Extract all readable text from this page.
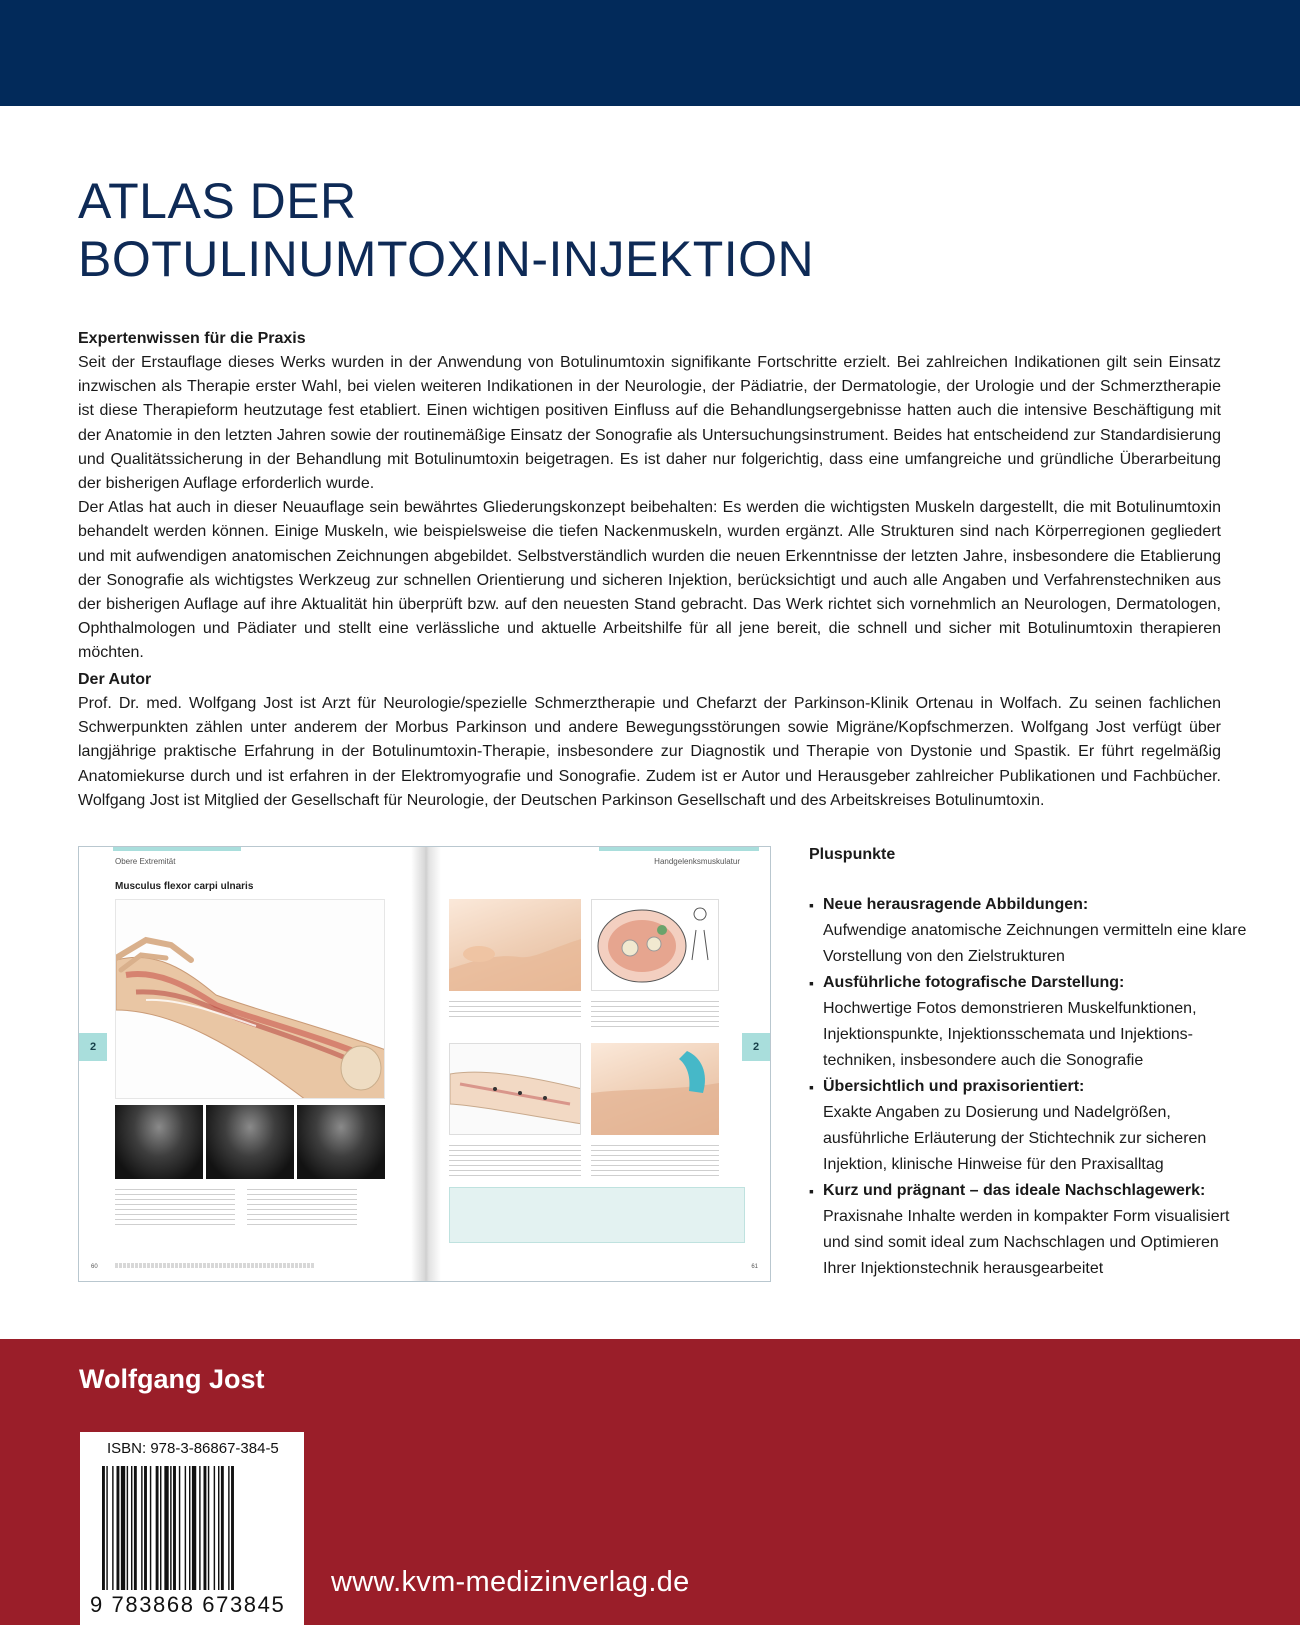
ATLAS DER
BOTULINUMTOXIN-INJEKTION
Expertenwissen für die Praxis

Seit der Erstauflage dieses Werks wurden in der Anwendung von Botulinumtoxin signifikante Fortschritte erzielt. Bei zahlreichen Indikationen gilt sein Einsatz inzwischen als Therapie erster Wahl, bei vielen weiteren Indikationen in der Neurologie, der Pädiatrie, der Dermatologie, der Urologie und der Schmerztherapie ist diese Therapieform heutzutage fest etabliert. Einen wichtigen positiven Einfluss auf die Behandlungsergebnisse hatten auch die intensive Beschäftigung mit der Anatomie in den letzten Jahren sowie der routinemäßige Einsatz der Sonografie als Untersuchungsinstrument. Beides hat entscheidend zur Standardisierung und Qualitätssicherung in der Behandlung mit Botulinumtoxin beigetragen. Es ist daher nur folgerichtig, dass eine umfangreiche und gründliche Überarbeitung der bisherigen Auflage erforderlich wurde.

Der Atlas hat auch in dieser Neuauflage sein bewährtes Gliederungskonzept beibehalten: Es werden die wichtigsten Muskeln dargestellt, die mit Botulinumtoxin behandelt werden können. Einige Muskeln, wie beispielsweise die tiefen Nackenmuskeln, wurden ergänzt. Alle Strukturen sind nach Körperregionen gegliedert und mit aufwendigen anatomischen Zeichnungen abgebildet. Selbstverständlich wurden die neuen Erkenntnisse der letzten Jahre, insbesondere die Etablierung der Sonografie als wichtigstes Werkzeug zur schnellen Orientierung und sicheren Injektion, berücksichtigt und auch alle Angaben und Verfahrenstechniken aus der bisherigen Auflage auf ihre Aktualität hin überprüft bzw. auf den neuesten Stand gebracht. Das Werk richtet sich vornehmlich an Neurologen, Dermatologen, Ophthalmologen und Pädiater und stellt eine verlässliche und aktuelle Arbeitshilfe für all jene bereit, die schnell und sicher mit Botulinumtoxin therapieren möchten.

Der Autor

Prof. Dr. med. Wolfgang Jost ist Arzt für Neurologie/spezielle Schmerztherapie und Chefarzt der Parkinson-Klinik Ortenau in Wolfach. Zu seinen fachlichen Schwerpunkten zählen unter anderem der Morbus Parkinson und andere Bewegungsstörungen sowie Migräne/Kopfschmerzen. Wolfgang Jost verfügt über langjährige praktische Erfahrung in der Botulinumtoxin-Therapie, insbesondere zur Diagnostik und Therapie von Dystonie und Spastik. Er führt regelmäßig Anatomiekurse durch und ist erfahren in der Elektromyografie und Sonografie. Zudem ist er Autor und Herausgeber zahlreicher Publikationen und Fachbücher. Wolfgang Jost ist Mitglied der Gesellschaft für Neurologie, der Deutschen Parkinson Gesellschaft und des Arbeitskreises Botulinumtoxin.

Obere Extremität
Musculus flexor carpi ulnaris
60
2
Handgelenksmuskulatur
61
2
Pluspunkte
▪ Neue herausragende Abbildungen:
Aufwendige anatomische Zeichnungen vermitteln eine klare Vorstellung von den Zielstrukturen
▪ Ausführliche fotografische Darstellung:
Hochwertige Fotos demonstrieren Muskelfunktionen, Injektionspunkte, Injektionsschemata und Injektions-techniken, insbesondere auch die Sonografie
▪ Übersichtlich und praxisorientiert:
Exakte Angaben zu Dosierung und Nadelgrößen, ausführliche Erläuterung der Stichtechnik zur sicheren Injektion, klinische Hinweise für den Praxisalltag
▪ Kurz und prägnant – das ideale Nachschlagewerk:
Praxisnahe Inhalte werden in kompakter Form visualisiert und sind somit ideal zum Nachschlagen und Optimieren Ihrer Injektionstechnik herausgearbeitet
Wolfgang Jost
ISBN: 978-3-86867-384-5
9 783868 673845
www.kvm-medizinverlag.de
